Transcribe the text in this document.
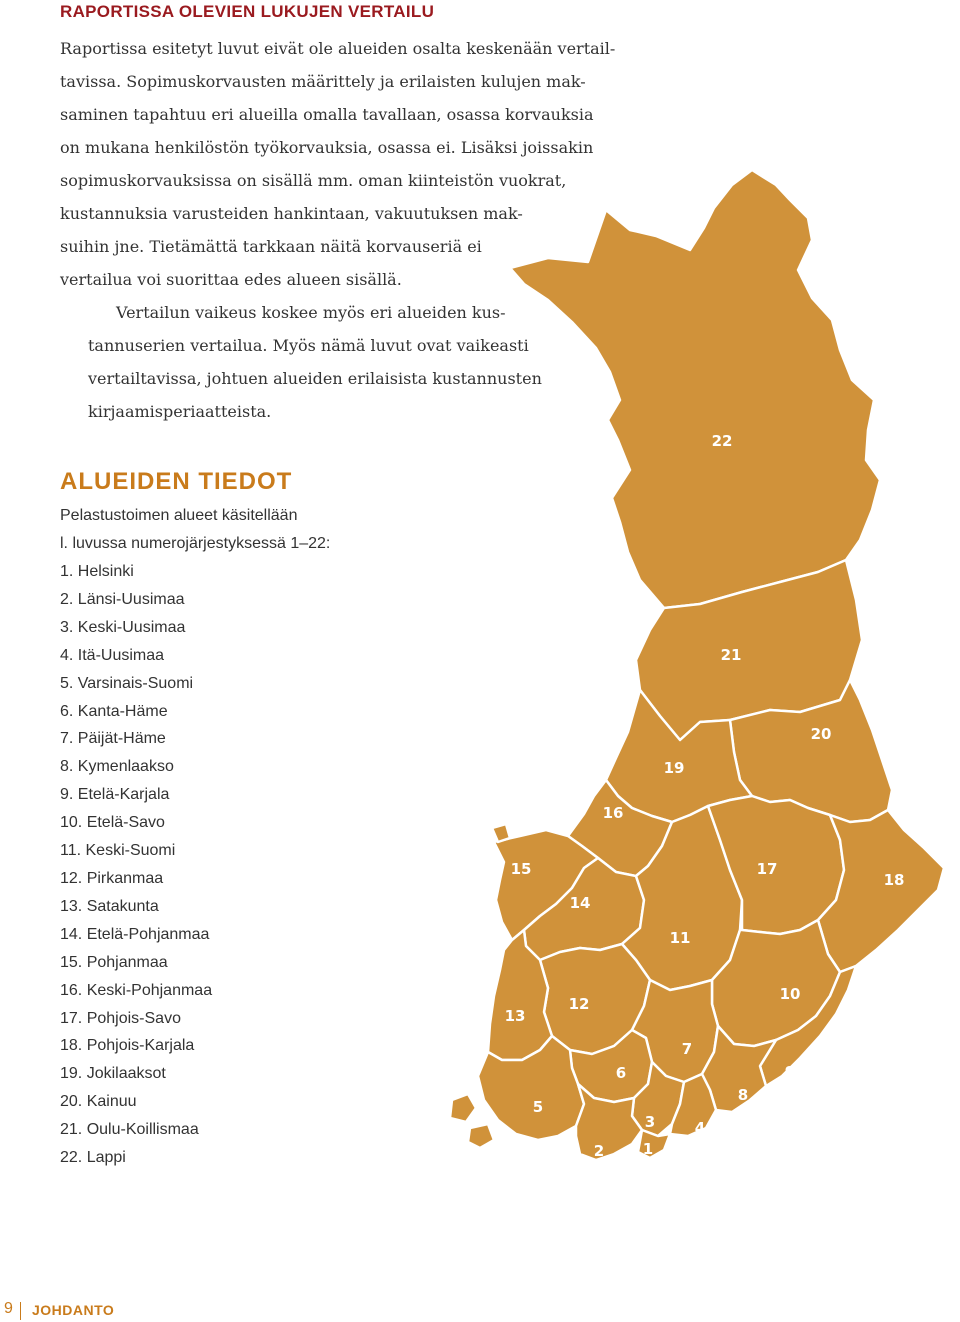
RAPORTISSA OLEVIEN LUKUJEN VERTAILU

Raportissa esitetyt luvut eivät ole alueiden osalta keskenään vertail-
tavissa. Sopimuskorvausten määrittely ja erilaisten kulujen mak-
saminen tapahtuu eri alueilla omalla tavallaan, osassa korvauksia
on mukana henkilöstön työkorvauksia, osassa ei. Lisäksi joissakin
sopimuskorvauksissa on sisällä mm. oman kiinteistön vuokrat,
kustannuksia varusteiden hankintaan, vakuutuksen mak-
suihin jne. Tietämättä tarkkaan näitä korvauseriä ei
vertailua voi suorittaa edes alueen sisällä.

Vertailun vaikeus koskee myös eri alueiden kus-
tannuserien vertailua. Myös nämä luvut ovat vaikeasti
vertailtavissa, johtuen alueiden erilaisista kustannusten
kirjaamisperiaatteista.

ALUEIDEN TIEDOT
Pelastustoimen alueet käsitellään
l. luvussa numerojärjestyksessä 1–22:
1. Helsinki
2. Länsi-Uusimaa
3. Keski-Uusimaa
4. Itä-Uusimaa
5. Varsinais-Suomi
6. Kanta-Häme
7. Päijät-Häme
8. Kymenlaakso
9. Etelä-Karjala
10. Etelä-Savo
11. Keski-Suomi
12. Pirkanmaa
13. Satakunta
14. Etelä-Pohjanmaa
15. Pohjanmaa
16. Keski-Pohjanmaa
17. Pohjois-Savo
18. Pohjois-Karjala
19. Jokilaaksot
20. Kainuu
21. Oulu-Koillismaa
22. Lappi
22
21
20
19
16
15	17
18
14
11
12
13
10
7
6	9
8
5
3	4
2	1
9 JOHDANTO
